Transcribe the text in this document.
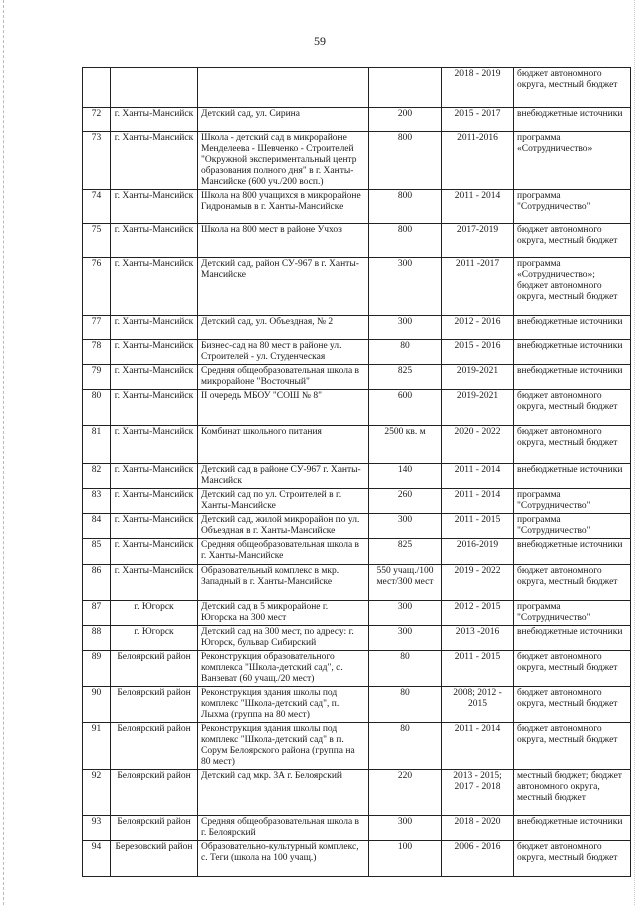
59
				2018 - 2019	бюджет автономного округа, местный бюджет
72	г. Ханты-Мансийск	Детский сад, ул. Сирина	200	2015 - 2017	внебюджетные источники
73	г. Ханты-Мансийск	Школа - детский сад в микрорайоне Менделеева - Шевченко - Строителей "Окружной экспериментальный центр образования полного дня" в г. Ханты-Мансийске (600 уч./200 восп.)	800	2011-2016	программа «Сотрудничество»
74	г. Ханты-Мансийск	Школа на 800 учащихся в микрорайоне Гидронамыв в г. Ханты-Мансийске	800	2011 - 2014	программа "Сотрудничество"
75	г. Ханты-Мансийск	Школа на 800 мест в районе Учхоз	800	2017-2019	бюджет автономного округа, местный бюджет
76	г. Ханты-Мансийск	Детский сад, район СУ-967 в г. Ханты-Мансийске	300	2011 -2017	программа «Сотрудничество»; бюджет автономного округа, местный бюджет
77	г. Ханты-Мансийск	Детский сад, ул. Объездная, № 2	300	2012 - 2016	внебюджетные источники
78	г. Ханты-Мансийск	Бизнес-сад на 80 мест в районе ул. Строителей - ул. Студенческая	80	2015 - 2016	внебюджетные источники
79	г. Ханты-Мансийск	Средняя общеобразовательная школа в микрорайоне "Восточный"	825	2019-2021	внебюджетные источники
80	г. Ханты-Мансийск	II очередь МБОУ "СОШ № 8"	600	2019-2021	бюджет автономного округа, местный бюджет
81	г. Ханты-Мансийск	Комбинат школьного питания	2500 кв. м	2020 - 2022	бюджет автономного округа, местный бюджет
82	г. Ханты-Мансийск	Детский сад в районе СУ-967 г. Ханты-Мансийск	140	2011 - 2014	внебюджетные источники
83	г. Ханты-Мансийск	Детский сад по ул. Строителей в г. Ханты-Мансийске	260	2011 - 2014	программа "Сотрудничество"
84	г. Ханты-Мансийск	Детский сад, жилой микрорайон по ул. Объездная в г. Ханты-Мансийске	300	2011 - 2015	программа "Сотрудничество"
85	г. Ханты-Мансийск	Средняя общеобразовательная школа в г. Ханты-Мансийске	825	2016-2019	внебюджетные источники
86	г. Ханты-Мансийск	Образовательный комплекс в мкр. Западный в г. Ханты-Мансийске	550 учащ./100 мест/300 мест	2019 - 2022	бюджет автономного округа, местный бюджет
87	г. Югорск	Детский сад в 5 микрорайоне г. Югорска на 300 мест	300	2012 - 2015	программа "Сотрудничество"
88	г. Югорск	Детский сад на 300 мест, по адресу: г. Югорск, бульвар Сибирский	300	2013 -2016	внебюджетные источники
89	Белоярский район	Реконструкция образовательного комплекса "Школа-детский сад", с. Ванзеват (60 учащ./20 мест)	80	2011 - 2015	бюджет автономного округа, местный бюджет
90	Белоярский район	Реконструкция здания школы под комплекс "Школа-детский сад", п. Лыхма (группа на 80 мест)	80	2008; 2012 - 2015	бюджет автономного округа, местный бюджет
91	Белоярский район	Реконструкция здания школы под комплекс "Школа-детский сад" в п. Сорум Белоярского района (группа на 80 мест)	80	2011 - 2014	бюджет автономного округа, местный бюджет
92	Белоярский район	Детский сад мкр. 3А г. Белоярский	220	2013 - 2015; 2017 - 2018	местный бюджет; бюджет автономного округа, местный бюджет
93	Белоярский район	Средняя общеобразовательная школа в г. Белоярский	300	2018 - 2020	внебюджетные источники
94	Березовский район	Образовательно-культурный комплекс, с. Теги (школа на 100 учащ.)	100	2006 - 2016	бюджет автономного округа, местный бюджет
